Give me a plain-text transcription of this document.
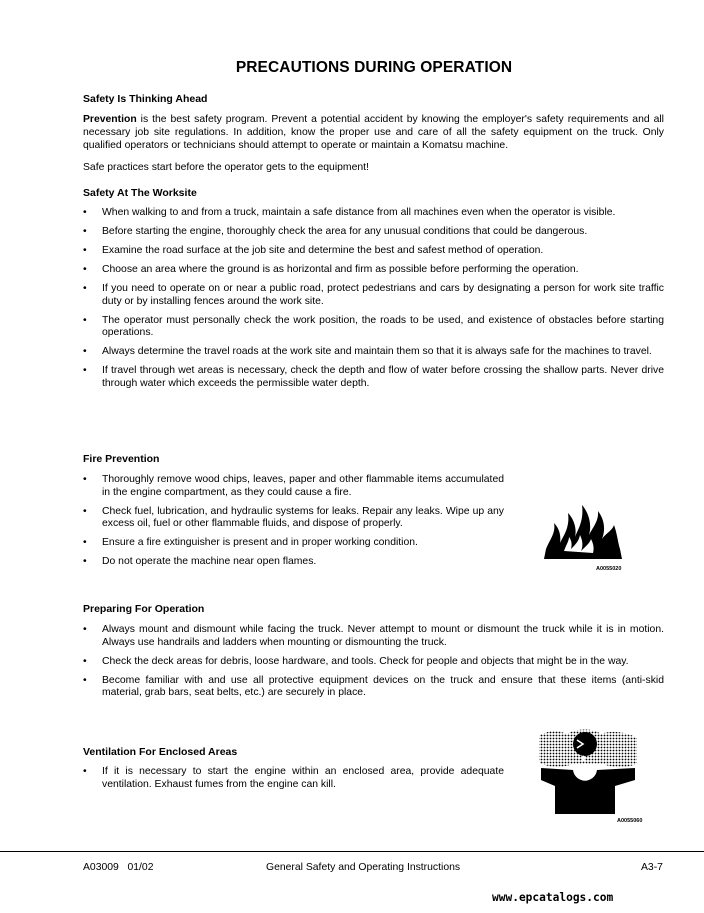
PRECAUTIONS DURING OPERATION
Safety Is Thinking Ahead
Prevention is the best safety program. Prevent a potential accident by knowing the employer's safety requirements and all necessary job site regulations. In addition, know the proper use and care of all the safety equipment on the truck. Only qualified operators or technicians should attempt to operate or maintain a Komatsu machine.
Safe practices start before the operator gets to the equipment!
Safety At The Worksite
• When walking to and from a truck, maintain a safe distance from all machines even when the operator is visible.
• Before starting the engine, thoroughly check the area for any unusual conditions that could be dangerous.
• Examine the road surface at the job site and determine the best and safest method of operation.
• Choose an area where the ground is as horizontal and firm as possible before performing the operation.
• If you need to operate on or near a public road, protect pedestrians and cars by designating a person for work site traffic duty or by installing fences around the work site.
• The operator must personally check the work position, the roads to be used, and existence of obstacles before starting operations.
• Always determine the travel roads at the work site and maintain them so that it is always safe for the machines to travel.
• If travel through wet areas is necessary, check the depth and flow of water before crossing the shallow parts. Never drive through water which exceeds the permissible water depth.
Fire Prevention
• Thoroughly remove wood chips, leaves, paper and other flammable items accumulated in the engine compartment, as they could cause a fire.
• Check fuel, lubrication, and hydraulic systems for leaks. Repair any leaks. Wipe up any excess oil, fuel or other flammable fluids, and dispose of properly.
• Ensure a fire extinguisher is present and in proper working condition.
• Do not operate the machine near open flames.
A0055020
Preparing For Operation
• Always mount and dismount while facing the truck. Never attempt to mount or dismount the truck while it is in motion. Always use handrails and ladders when mounting or dismounting the truck.
• Check the deck areas for debris, loose hardware, and tools. Check for people and objects that might be in the way.
• Become familiar with and use all protective equipment devices on the truck and ensure that these items (anti-skid material, grab bars, seat belts, etc.) are securely in place.
Ventilation For Enclosed Areas
• If it is necessary to start the engine within an enclosed area, provide adequate ventilation. Exhaust fumes from the engine can kill.
A0055060
A03009   01/02	General Safety and Operating Instructions	A3-7
www.epcatalogs.com
